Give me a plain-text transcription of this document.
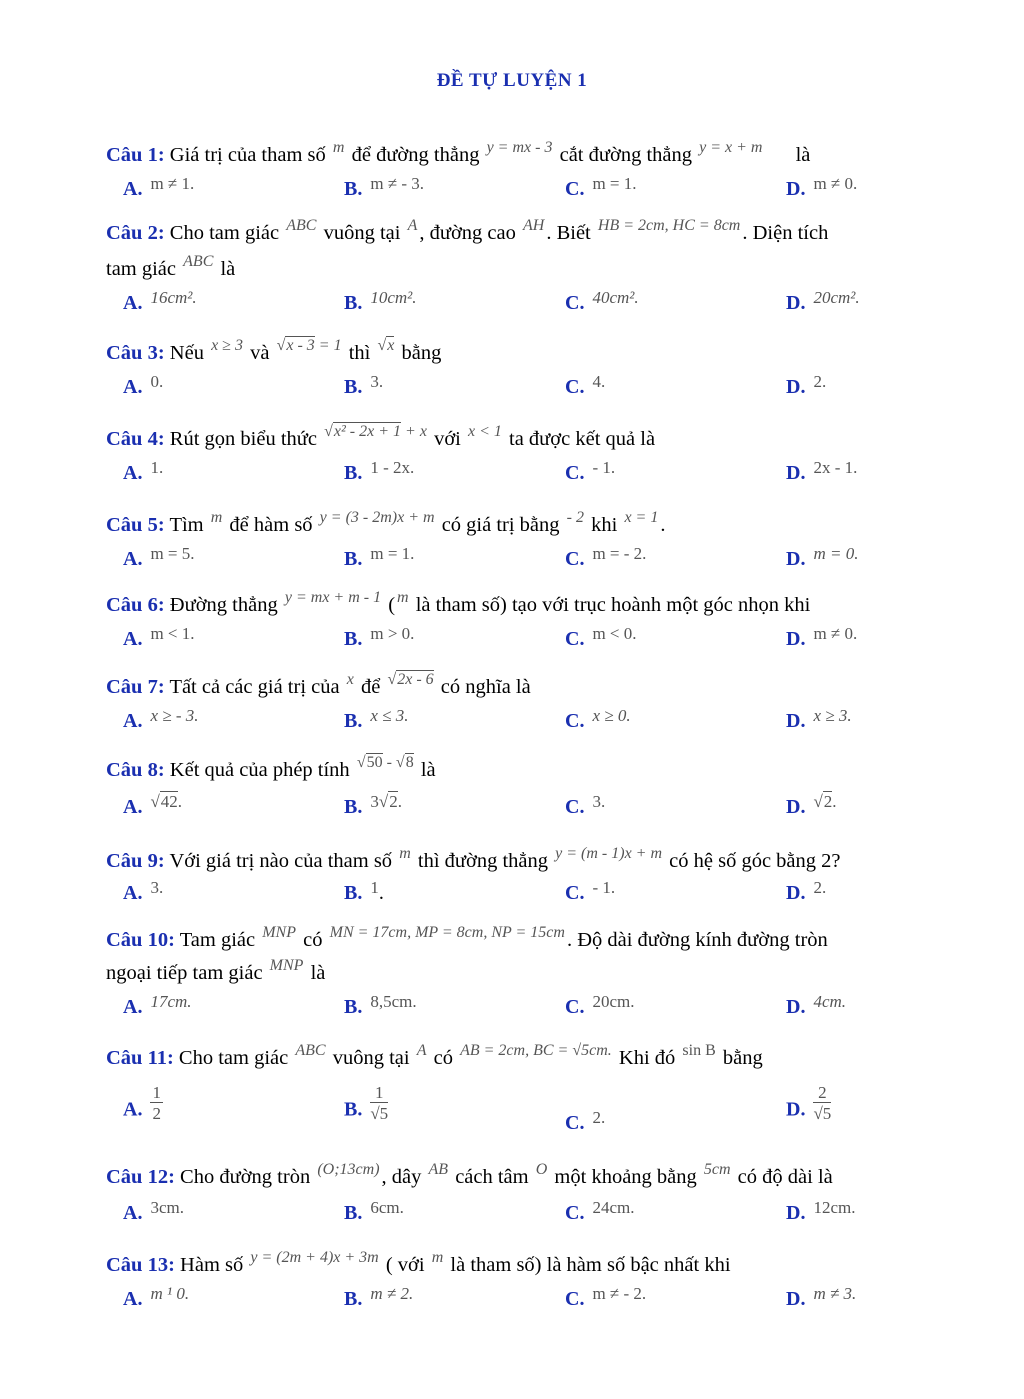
ĐỀ TỰ LUYỆN 1
Câu 1: Giá trị của tham số $^m$ để đường thẳng $^{y = mx - 3}$ cắt đường thẳng $^{y = x + m}$ là
A. $^{m \ne 1.}$	B. $^{m \ne - 3.}$	C. $^{m = 1.}$	D. $^{m \ne 0.}$
Câu 2: Cho tam giác $^{ABC}$ vuông tại $^A$, đường cao $^{AH}$. Biết $^{HB = 2cm, HC = 8cm}$. Diện tích
tam giác $^{ABC}$ là
A. $^{16cm^2.}$	B. $^{10cm^2.}$	C. $^{40cm^2.}$	D. $^{20cm^2.}$
Câu 3: Nếu $^{x \ge 3}$ và $^{√x - 3 = 1}$ thì $^{√x}$ bằng
A. $^{0.}$	B. $^{3.}$	C. $^{4.}$	D. $^{2.}$
Câu 4: Rút gọn biểu thức $^{√x^2 - 2x + 1 + x}$ với $^{x < 1}$ ta được kết quả là
A. $^{1.}$	B. $^{1 - 2x.}$	C. $^{- 1.}$	D. $^{2x - 1.}$
Câu 5: Tìm $^m$ để hàm số $^{y = (3 - 2m)x + m}$ có giá trị bằng $^{- 2}$ khi $^{x = 1}$.
A. $^{m = 5.}$	B. $^{m = 1.}$	C. $^{m = - 2.}$	D. $^{m = 0.}$
Câu 6: Đường thẳng $^{y = mx + m - 1}$ ( $^m$ là tham số) tạo với trục hoành một góc nhọn khi
A. $^{m < 1.}$	B. $^{m > 0.}$	C. $^{m < 0.}$	D. $^{m \ne 0.}$
Câu 7: Tất cả các giá trị của $^x$ để $^{√2x - 6}$ có nghĩa là
A. $^{x \ge - 3.}$	B. $^{x \le 3.}$	C. $^{x \ge 0.}$	D. $^{x \ge 3.}$
Câu 8: Kết quả của phép tính $^{√50 - √8}$ là
A. $^{√42.}$	B. $^{3√2.}$	C. $^{3.}$	D. $^{√2.}$
Câu 9: Với giá trị nào của tham số $^m$ thì đường thẳng $^{y = (m - 1)x + m}$ có hệ số góc bằng 2?
A. $^{3.}$	B. $^1$.	C. $^{- 1.}$	D. $^{2.}$
Câu 10: Tam giác $^{MNP}$ có $^{MN = 17cm, MP = 8cm, NP = 15cm}$. Độ dài đường kính đường tròn
ngoại tiếp tam giác $^{MNP}$ là
A. $^{17cm.}$	B. $^{8,5cm.}$	C. $^{20cm.}$	D. $^{4cm.}$
Câu 11: Cho tam giác $^{ABC}$ vuông tại $^A$ có $^{AB = 2cm, BC = √5cm.}$ Khi đó $^{sin B}$ bằng
A. $\frac{1}{2}$	B. $\frac{1}{√5}$
C. $^{2.}$	D. $\frac{2}{√5}$
Câu 12: Cho đường tròn $^{(O;13cm)}$, dây $^{AB}$ cách tâm $^O$ một khoảng bằng $^{5cm}$ có độ dài là
A. $^{3cm.}$	B. $^{6cm.}$	C. $^{24cm.}$	D. $^{12cm.}$
Câu 13: Hàm số $^{y = (2m + 4)x + 3m}$ ( với $^m$ là tham số) là hàm số bậc nhất khi
A. $^{m ^1 0.}$	B. $^{m \ne 2.}$	C. $^{m \ne - 2.}$	D. $^{m \ne 3.}$
